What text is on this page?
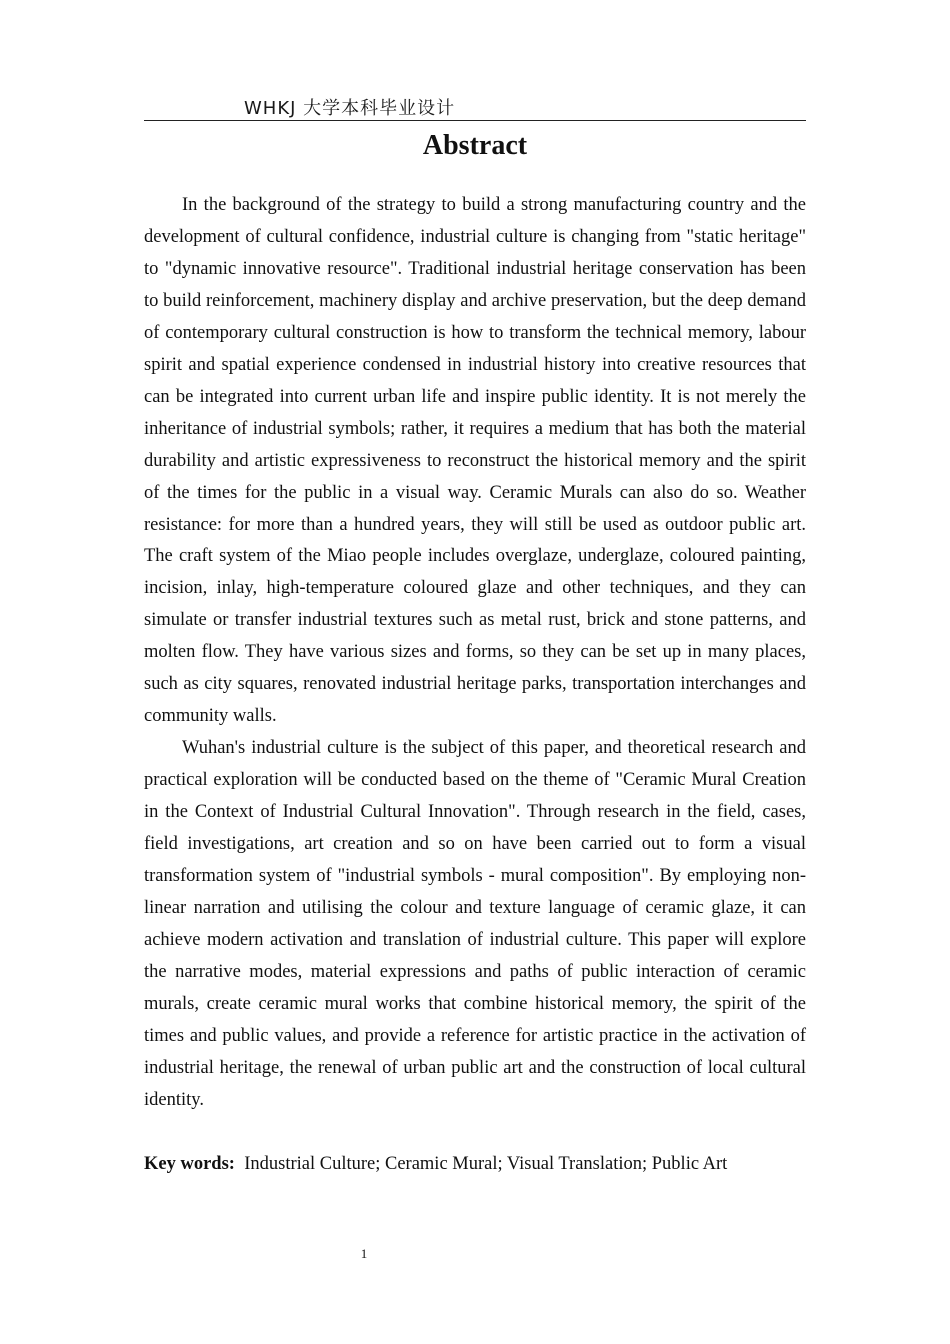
WHKJ 大学本科毕业设计
Abstract

In the background of the strategy to build a strong manufacturing country and the development of cultural confidence, industrial culture is changing from "static heritage" to "dynamic innovative resource". Traditional industrial heritage conservation has been to build reinforcement, machinery display and archive preservation, but the deep demand of contemporary cultural construction is how to transform the technical memory, labour spirit and spatial experience condensed in industrial history into creative resources that can be integrated into current urban life and inspire public identity. It is not merely the inheritance of industrial symbols; rather, it requires a medium that has both the material durability and artistic expressiveness to reconstruct the historical memory and the spirit of the times for the public in a visual way. Ceramic Murals can also do so. Weather resistance: for more than a hundred years, they will still be used as outdoor public art. The craft system of the Miao people includes overglaze, underglaze, coloured painting, incision, inlay, high-temperature coloured glaze and other techniques, and they can simulate or transfer industrial textures such as metal rust, brick and stone patterns, and molten flow. They have various sizes and forms, so they can be set up in many places, such as city squares, renovated industrial heritage parks, transportation interchanges and community walls.

Wuhan's industrial culture is the subject of this paper, and theoretical research and practical exploration will be conducted based on the theme of "Ceramic Mural Creation in the Context of Industrial Cultural Innovation". Through research in the field, cases, field investigations, art creation and so on have been carried out to form a visual transformation system of "industrial symbols - mural composition". By employing non-linear narration and utilising the colour and texture language of ceramic glaze, it can achieve modern activation and translation of industrial culture. This paper will explore the narrative modes, material expressions and paths of public interaction of ceramic murals, create ceramic mural works that combine historical memory, the spirit of the times and public values, and provide a reference for artistic practice in the activation of industrial heritage, the renewal of urban public art and the construction of local cultural identity.

Key words: Industrial Culture; Ceramic Mural; Visual Translation; Public Art
1
